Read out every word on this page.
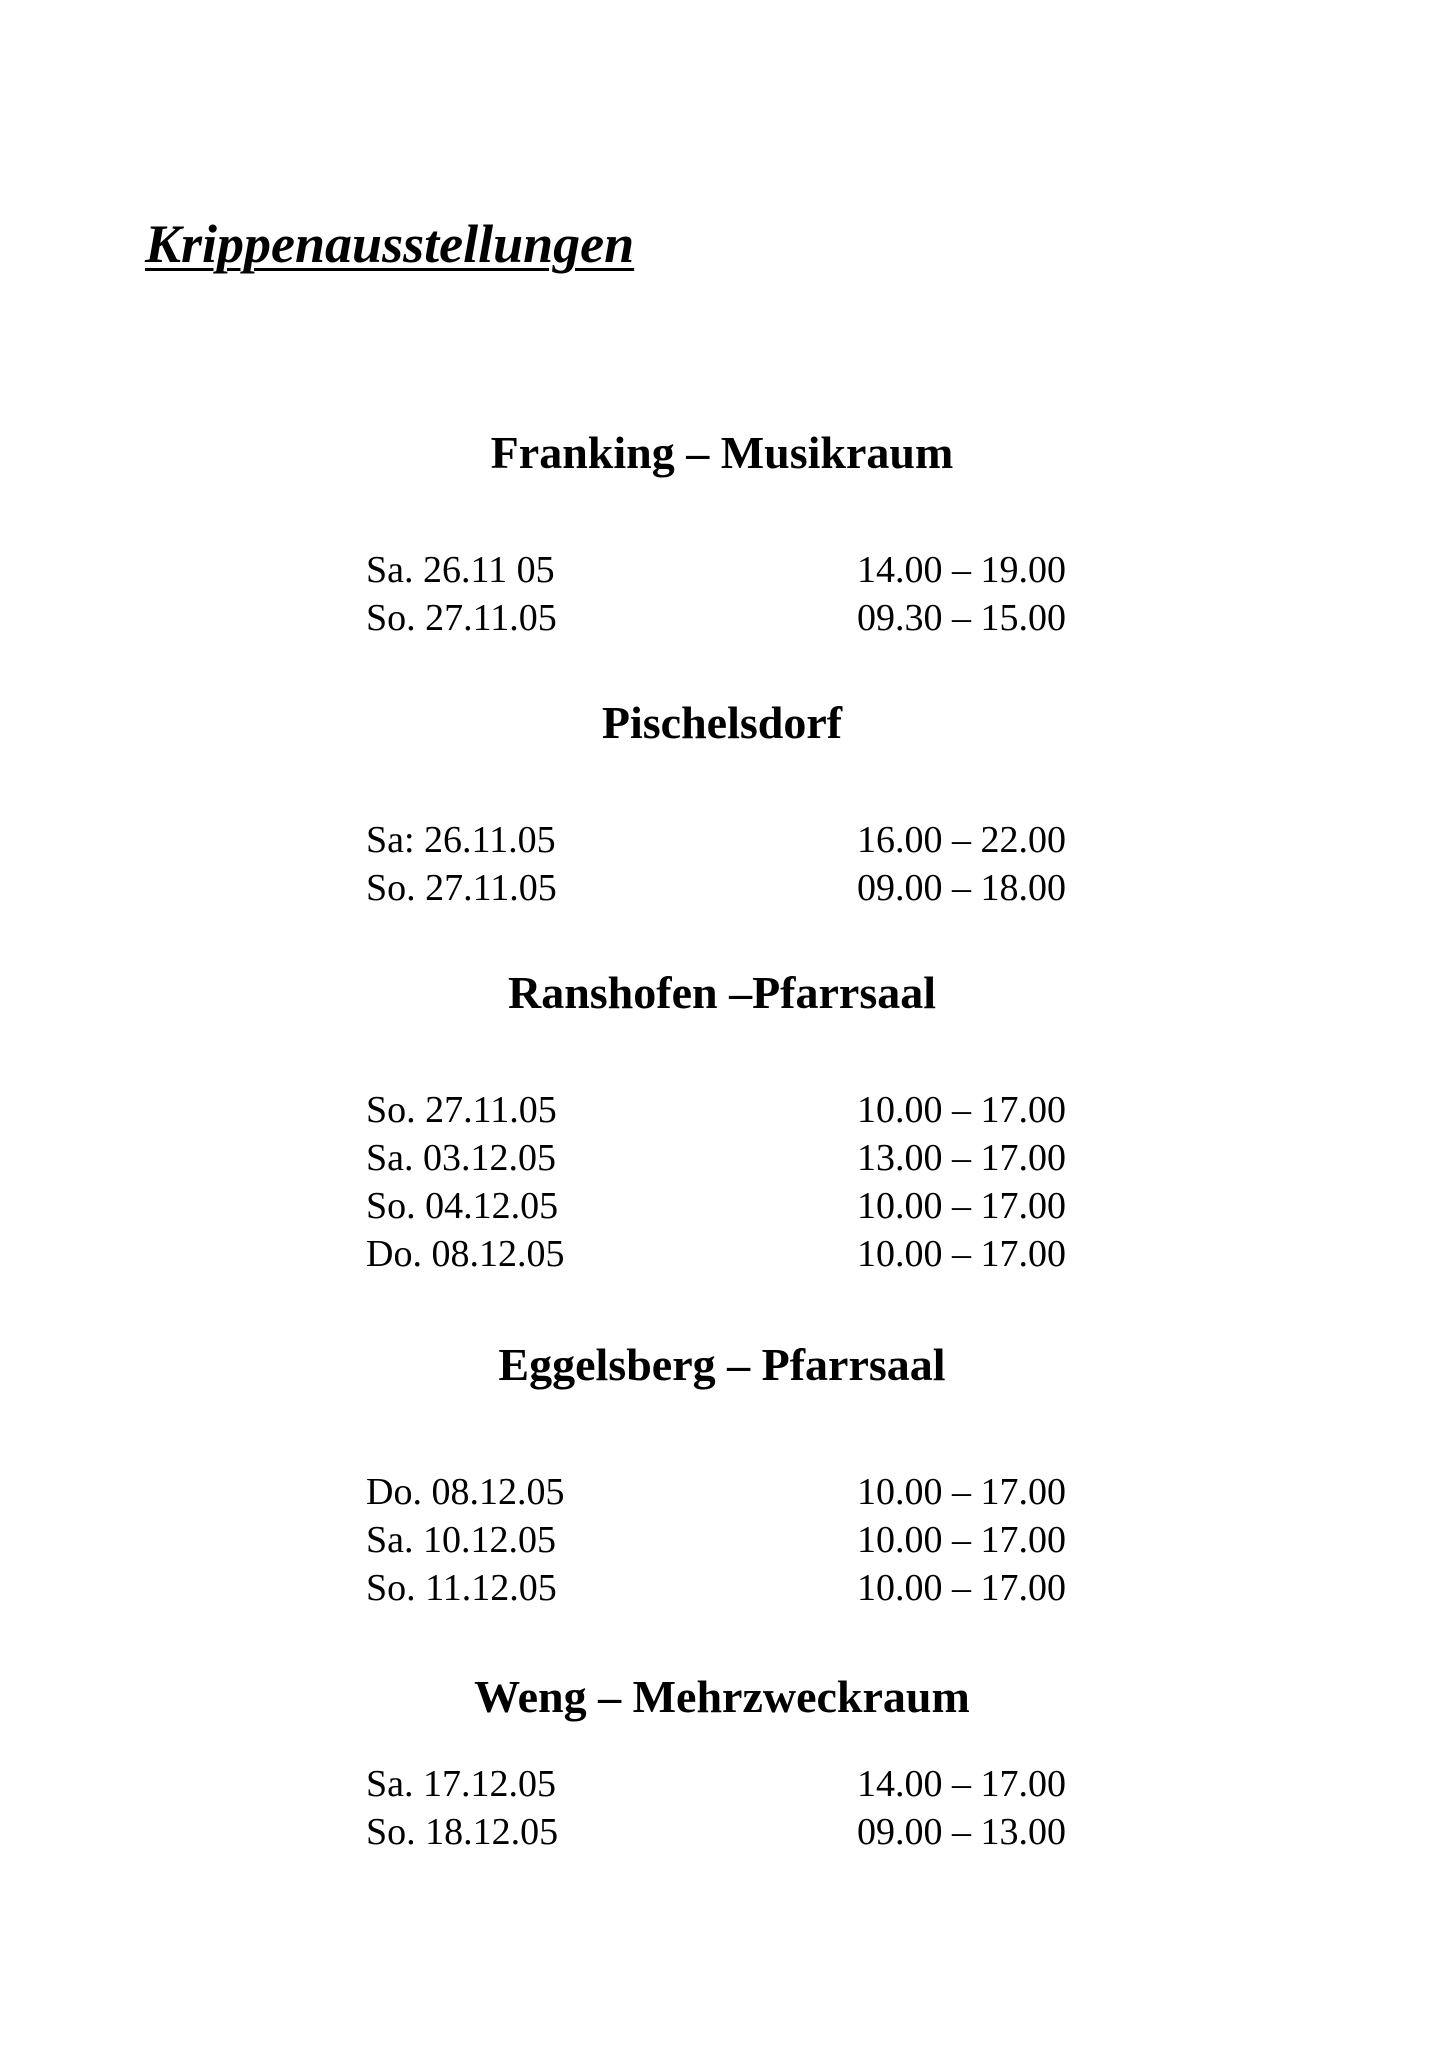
Krippenausstellungen
Franking – Musikraum
Sa. 26.11 05	14.00 – 19.00
So. 27.11.05	09.30 – 15.00
Pischelsdorf
Sa: 26.11.05	16.00 – 22.00
So. 27.11.05	09.00 – 18.00
Ranshofen –Pfarrsaal
So. 27.11.05	10.00 – 17.00
Sa. 03.12.05	13.00 – 17.00
So. 04.12.05	10.00 – 17.00
Do. 08.12.05	10.00 – 17.00
Eggelsberg – Pfarrsaal
Do. 08.12.05	10.00 – 17.00
Sa. 10.12.05	10.00 – 17.00
So. 11.12.05	10.00 – 17.00
Weng – Mehrzweckraum
Sa. 17.12.05	14.00 – 17.00
So. 18.12.05	09.00 – 13.00
